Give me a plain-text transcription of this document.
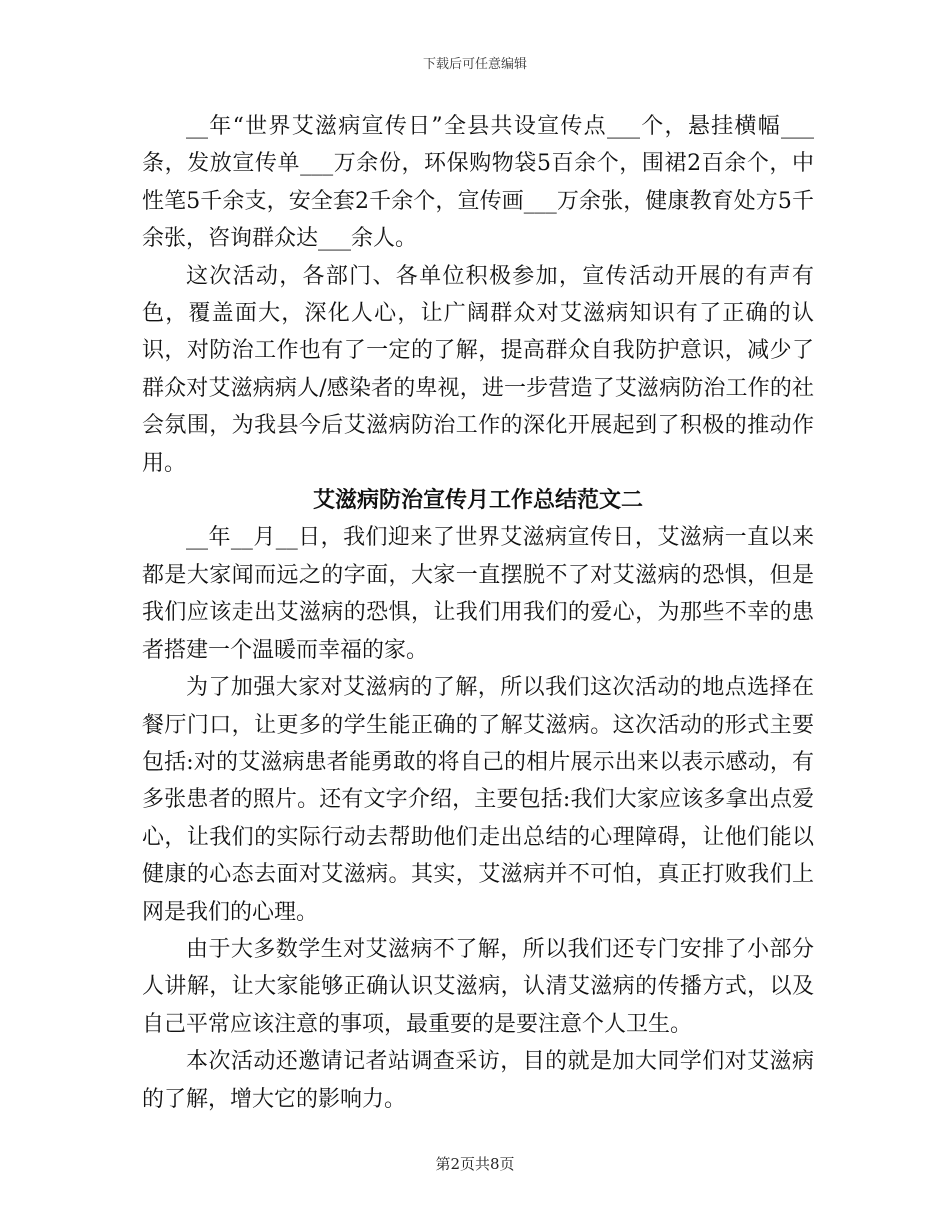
下载后可任意编辑

__年“世界艾滋病宣传日”全县共设宣传点___个，悬挂横幅___条，发放宣传单___万余份，环保购物袋5百余个，围裙2百余个，中性笔5千余支，安全套2千余个，宣传画___万余张，健康教育处方5千余张，咨询群众达___余人。

这次活动，各部门、各单位积极参加，宣传活动开展的有声有色，覆盖面大，深化人心，让广阔群众对艾滋病知识有了正确的认识，对防治工作也有了一定的了解，提高群众自我防护意识，减少了群众对艾滋病病人/感染者的卑视，进一步营造了艾滋病防治工作的社会氛围，为我县今后艾滋病防治工作的深化开展起到了积极的推动作用。

艾滋病防治宣传月工作总结范文二

__年__月__日，我们迎来了世界艾滋病宣传日，艾滋病一直以来都是大家闻而远之的字面，大家一直摆脱不了对艾滋病的恐惧，但是我们应该走出艾滋病的恐惧，让我们用我们的爱心，为那些不幸的患者搭建一个温暖而幸福的家。

为了加强大家对艾滋病的了解，所以我们这次活动的地点选择在餐厅门口，让更多的学生能正确的了解艾滋病。这次活动的形式主要包括:对的艾滋病患者能勇敢的将自己的相片展示出来以表示感动，有多张患者的照片。还有文字介绍，主要包括:我们大家应该多拿出点爱心，让我们的实际行动去帮助他们走出总结的心理障碍，让他们能以健康的心态去面对艾滋病。其实，艾滋病并不可怕，真正打败我们上网是我们的心理。

由于大多数学生对艾滋病不了解，所以我们还专门安排了小部分人讲解，让大家能够正确认识艾滋病，认清艾滋病的传播方式，以及自己平常应该注意的事项，最重要的是要注意个人卫生。

本次活动还邀请记者站调查采访，目的就是加大同学们对艾滋病的了解，增大它的影响力。

第2页共8页
